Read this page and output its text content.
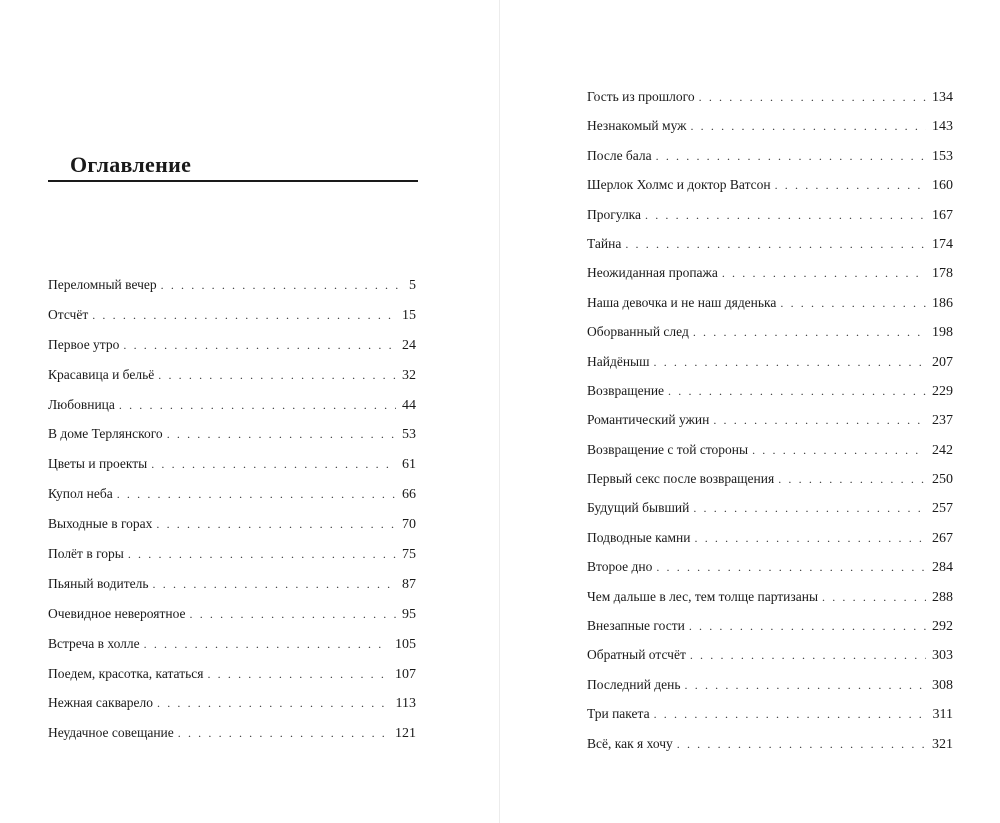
Оглавление
Переломный вечер . . .	5
Отсчёт . . .	15
Первое утро . . .	24
Красавица и бельё . . .	32
Любовница . . .	44
В доме Терлянского . . .	53
Цветы и проекты . . .	61
Купол неба . . .	66
Выходные в горах . . .	70
Полёт в горы . . .	75
Пьяный водитель . . .	87
Очевидное невероятное . . .	95
Встреча в холле . . .	105
Поедем, красотка, кататься . . .	107
Нежная сакварело . . .	113
Неудачное совещание . . .	121
Гость из прошлого . . .	134
Незнакомый муж . . .	143
После бала . . .	153
Шерлок Холмс и доктор Ватсон . . .	160
Прогулка . . .	167
Тайна . . .	174
Неожиданная пропажа . . .	178
Наша девочка и не наш дяденька . . .	186
Оборванный след . . .	198
Найдёныш . . .	207
Возвращение . . .	229
Романтический ужин . . .	237
Возвращение с той стороны . . .	242
Первый секс после возвращения . . .	250
Будущий бывший . . .	257
Подводные камни . . .	267
Второе дно . . .	284
Чем дальше в лес, тем толще партизаны . . .	288
Внезапные гости . . .	292
Обратный отсчёт . . .	303
Последний день . . .	308
Три пакета . . .	311
Всё, как я хочу . . .	321
